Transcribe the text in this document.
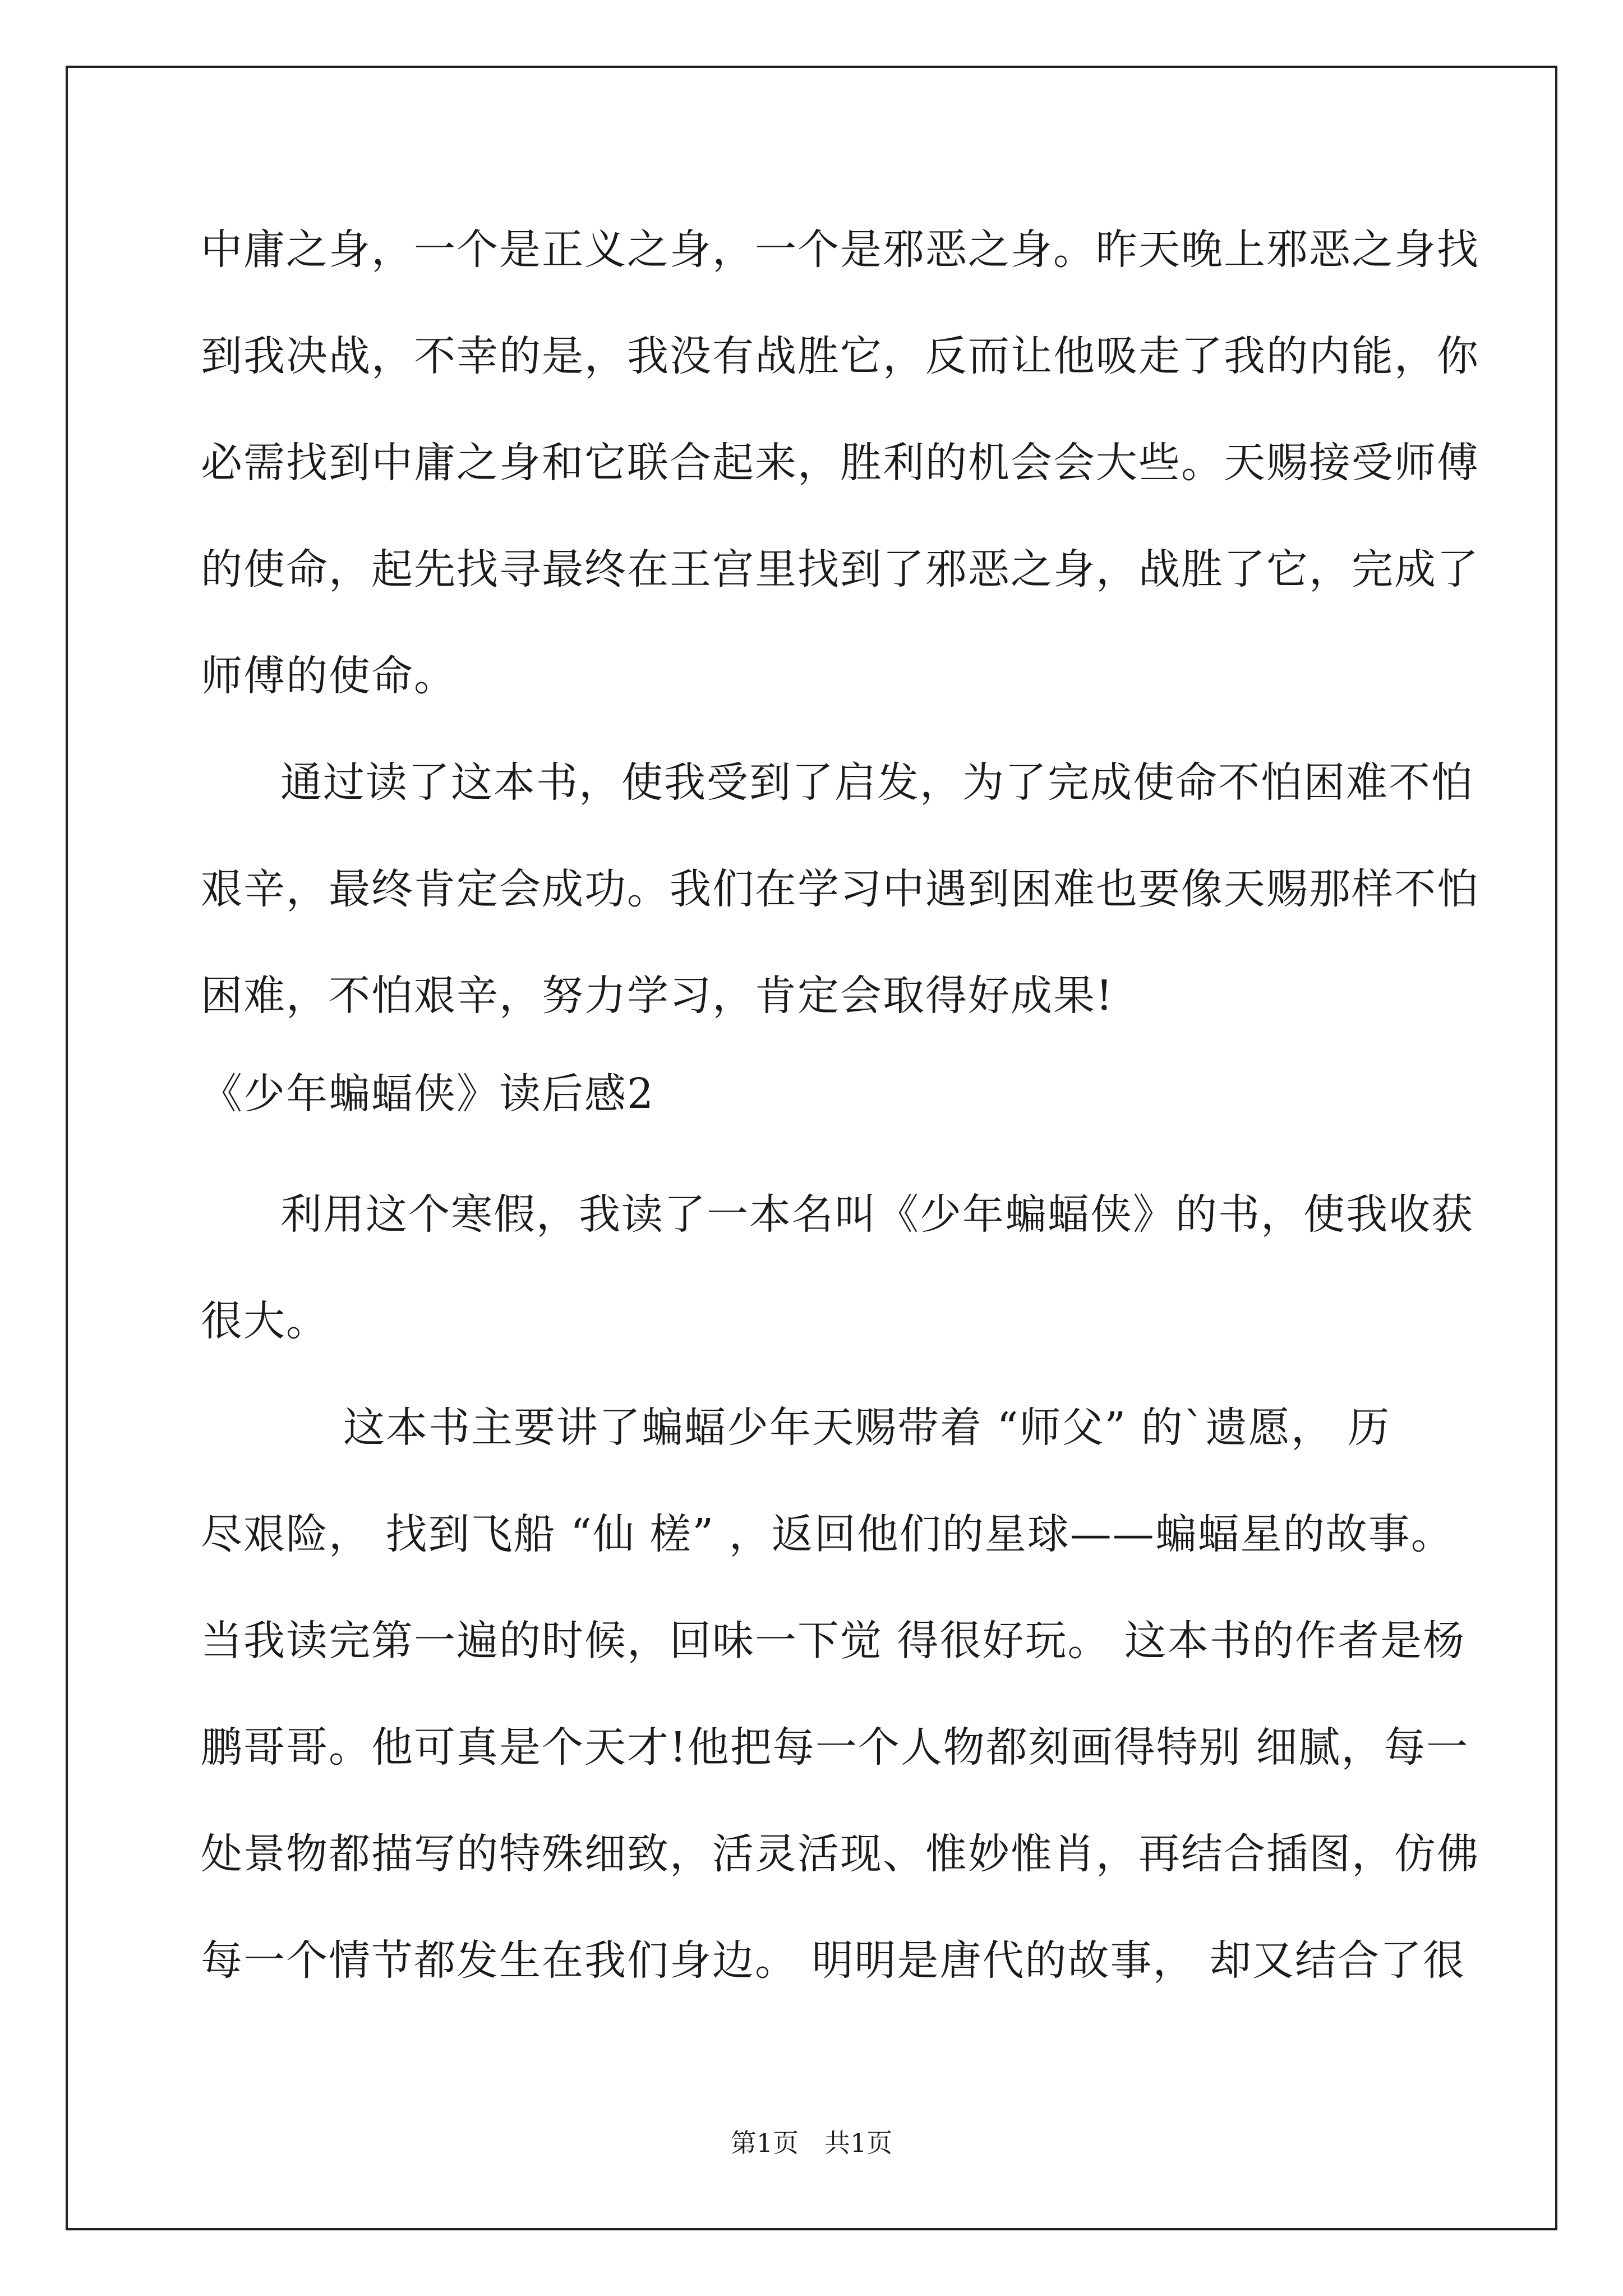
中庸之身，一个是正义之身，一个是邪恶之身。昨天晚上邪恶之身找
到我决战，不幸的是，我没有战胜它，反而让他吸走了我的内能，你
必需找到中庸之身和它联合起来，胜利的机会会大些。天赐接受师傅
的使命，起先找寻最终在王宫里找到了邪恶之身，战胜了它，完成了
师傅的使命。
通过读了这本书，使我受到了启发，为了完成使命不怕困难不怕
艰辛，最终肯定会成功。我们在学习中遇到困难也要像天赐那样不怕
困难，不怕艰辛，努力学习，肯定会取得好成果!
《少年蝙蝠侠》读后感2
利用这个寒假，我读了一本名叫《少年蝙蝠侠》的书，使我收获
很大。
这本书主要讲了蝙蝠少年天赐带着 “师父” 的`遗愿， 历
尽艰险， 找到飞船 “仙 槎” ，返回他们的星球——蝙蝠星的故事。
当我读完第一遍的时候，回味一下觉 得很好玩。 这本书的作者是杨
鹏哥哥。他可真是个天才!他把每一个人物都刻画得特别 细腻，每一
处景物都描写的特殊细致，活灵活现、惟妙惟肖，再结合插图，仿佛
每一个情节都发生在我们身边。 明明是唐代的故事， 却又结合了很
第1页　共1页
